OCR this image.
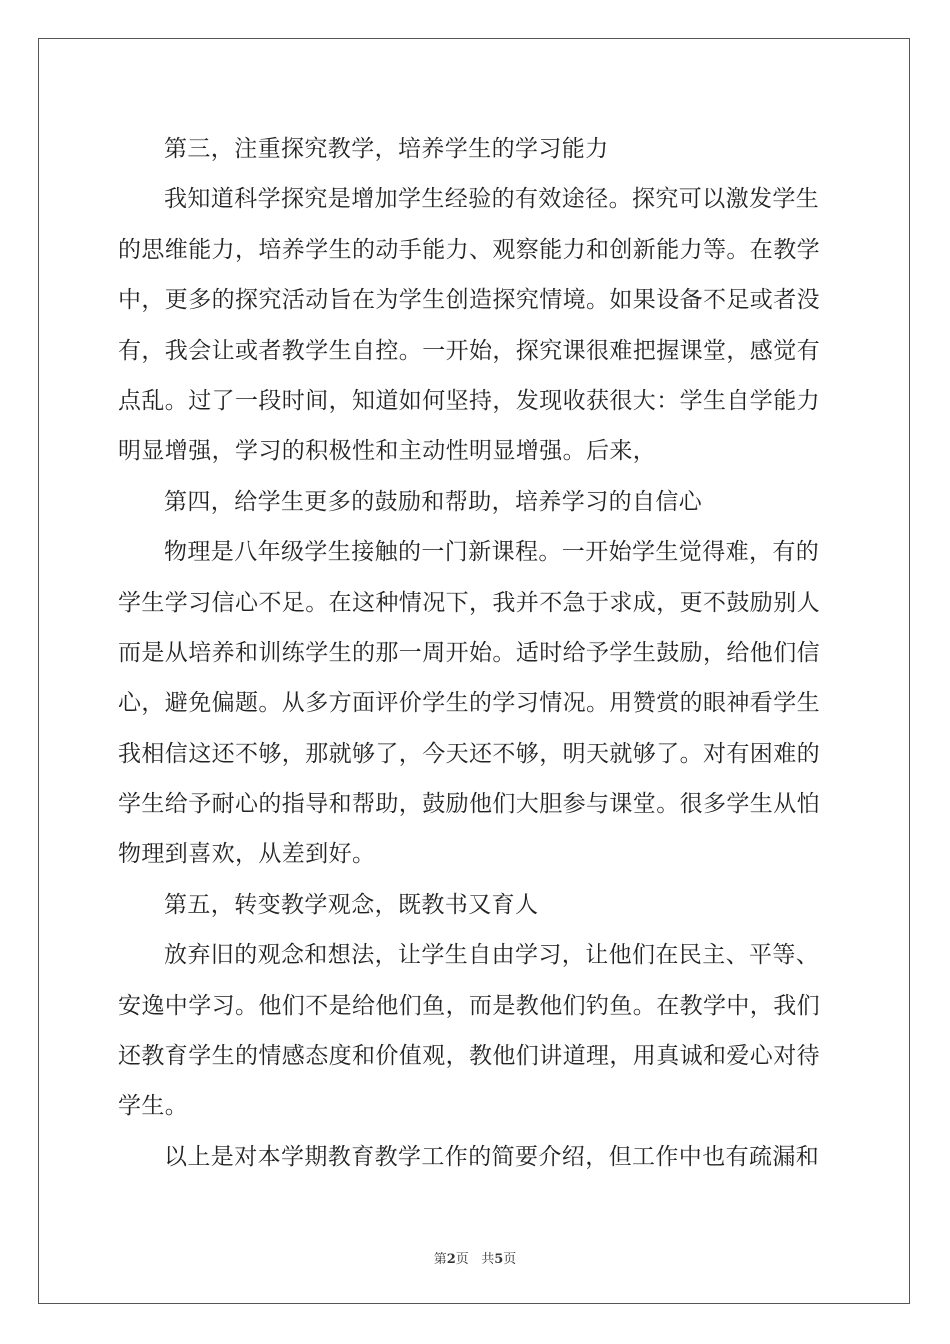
第三，注重探究教学，培养学生的学习能力
我知道科学探究是增加学生经验的有效途径。探究可以激发学生
的思维能力，培养学生的动手能力、观察能力和创新能力等。在教学
中，更多的探究活动旨在为学生创造探究情境。如果设备不足或者没
有，我会让或者教学生自控。一开始，探究课很难把握课堂，感觉有
点乱。过了一段时间，知道如何坚持，发现收获很大：学生自学能力
明显增强，学习的积极性和主动性明显增强。后来，
第四，给学生更多的鼓励和帮助，培养学习的自信心
物理是八年级学生接触的一门新课程。一开始学生觉得难，有的
学生学习信心不足。在这种情况下，我并不急于求成，更不鼓励别人
而是从培养和训练学生的那一周开始。适时给予学生鼓励，给他们信
心，避免偏题。从多方面评价学生的学习情况。用赞赏的眼神看学生
我相信这还不够，那就够了，今天还不够，明天就够了。对有困难的
学生给予耐心的指导和帮助，鼓励他们大胆参与课堂。很多学生从怕
物理到喜欢，从差到好。
第五，转变教学观念，既教书又育人
放弃旧的观念和想法，让学生自由学习，让他们在民主、平等、
安逸中学习。他们不是给他们鱼，而是教他们钓鱼。在教学中，我们
还教育学生的情感态度和价值观，教他们讲道理，用真诚和爱心对待
学生。
以上是对本学期教育教学工作的简要介绍，但工作中也有疏漏和
第2页 共5页
